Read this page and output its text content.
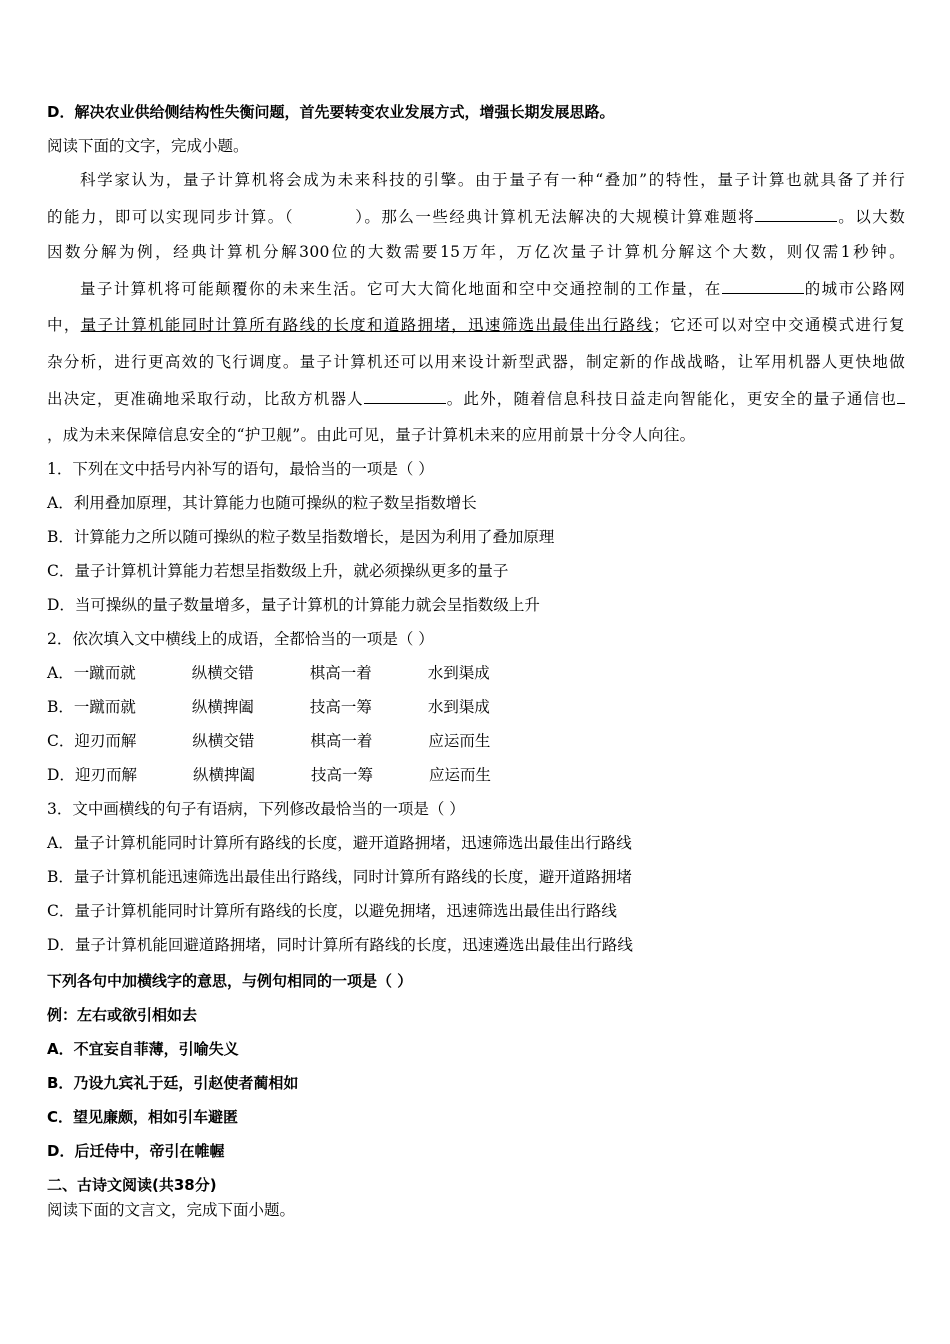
D．解决农业供给侧结构性失衡问题，首先要转变农业发展方式，增强长期发展思路。
阅读下面的文字，完成小题。
科学家认为，量子计算机将会成为未来科技的引擎。由于量子有一种“叠加”的特性，量子计算也就具备了并行
的能力，即可以实现同步计算。（	）。那么一些经典计算机无法解决的大规模计算难题将	。以大数
因数分解为例，经典计算机分解300位的大数需要15万年，万亿次量子计算机分解这个大数，则仅需1秒钟。
量子计算机将可能颠覆你的未来生活。它可大大简化地面和空中交通控制的工作量，在	的城市公路网
中，量子计算机能同时计算所有路线的长度和道路拥堵，迅速筛选出最佳出行路线；它还可以对空中交通模式进行复
杂分析，进行更高效的飞行调度。量子计算机还可以用来设计新型武器，制定新的作战战略，让军用机器人更快地做
出决定，更准确地采取行动，比敌方机器人	。此外，随着信息科技日益走向智能化，更安全的量子通信也
，成为未来保障信息安全的“护卫舰”。由此可见，量子计算机未来的应用前景十分令人向往。
1．下列在文中括号内补写的语句，最恰当的一项是（ ）
A．利用叠加原理，其计算能力也随可操纵的粒子数呈指数增长
B．计算能力之所以随可操纵的粒子数呈指数增长，是因为利用了叠加原理
C．量子计算机计算能力若想呈指数级上升，就必须操纵更多的量子
D．当可操纵的量子数量增多，量子计算机的计算能力就会呈指数级上升
2．依次填入文中横线上的成语，全都恰当的一项是（ ）
A．一蹴而就	纵横交错	棋高一着	水到渠成
B．一蹴而就	纵横捭阖	技高一筹	水到渠成
C．迎刃而解	纵横交错	棋高一着	应运而生
D．迎刃而解	纵横捭阖	技高一筹	应运而生
3．文中画横线的句子有语病，下列修改最恰当的一项是（ ）
A．量子计算机能同时计算所有路线的长度，避开道路拥堵，迅速筛选出最佳出行路线
B．量子计算机能迅速筛选出最佳出行路线，同时计算所有路线的长度，避开道路拥堵
C．量子计算机能同时计算所有路线的长度，以避免拥堵，迅速筛选出最佳出行路线
D．量子计算机能回避道路拥堵，同时计算所有路线的长度，迅速遴选出最佳出行路线
下列各句中加横线字的意思，与例句相同的一项是（ ）
例：左右或欲引相如去
A．不宜妄自菲薄，引喻失义
B．乃设九宾礼于廷，引赵使者蔺相如
C．望见廉颇，相如引车避匿
D．后迁侍中，帝引在帷幄
二、古诗文阅读(共38分)
阅读下面的文言文，完成下面小题。
